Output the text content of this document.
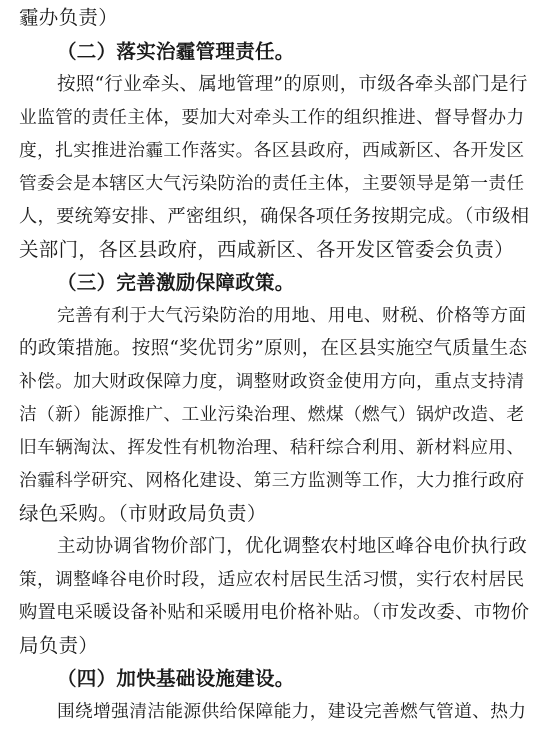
霾办负责）
（二）落实治霾管理责任。
按照“行业牵头、属地管理”的原则，市级各牵头部门是行
业监管的责任主体，要加大对牵头工作的组织推进、督导督办力
度，扎实推进治霾工作落实。各区县政府，西咸新区、各开发区
管委会是本辖区大气污染防治的责任主体，主要领导是第一责任
人，要统筹安排、严密组织，确保各项任务按期完成。（市级相
关部门，各区县政府，西咸新区、各开发区管委会负责）
（三）完善激励保障政策。
完善有利于大气污染防治的用地、用电、财税、价格等方面
的政策措施。按照“奖优罚劣”原则，在区县实施空气质量生态
补偿。加大财政保障力度，调整财政资金使用方向，重点支持清
洁（新）能源推广、工业污染治理、燃煤（燃气）锅炉改造、老
旧车辆淘汰、挥发性有机物治理、秸秆综合利用、新材料应用、
治霾科学研究、网格化建设、第三方监测等工作，大力推行政府
绿色采购。（市财政局负责）
主动协调省物价部门，优化调整农村地区峰谷电价执行政
策，调整峰谷电价时段，适应农村居民生活习惯，实行农村居民
购置电采暖设备补贴和采暖用电价格补贴。（市发改委、市物价
局负责）
（四）加快基础设施建设。
围绕增强清洁能源供给保障能力，建设完善燃气管道、热力
